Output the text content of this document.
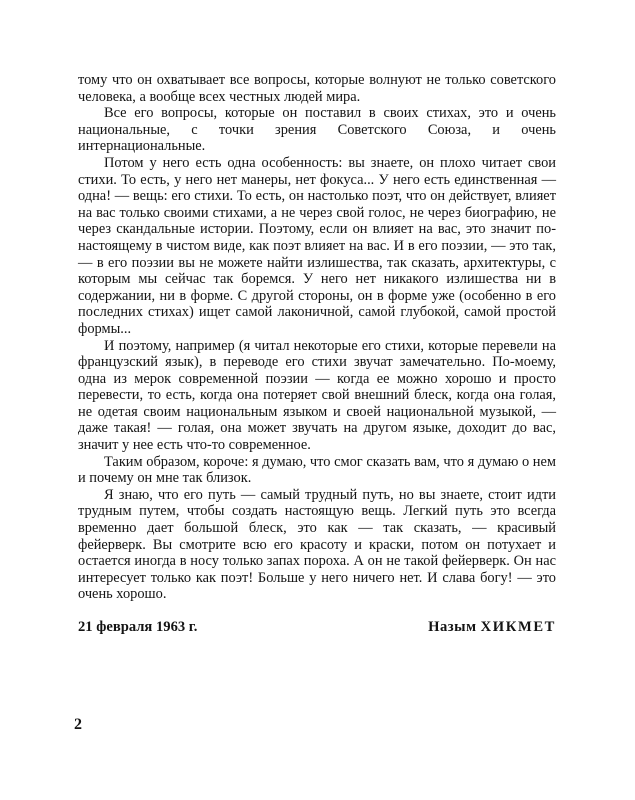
тому что он охватывает все вопросы, которые волнуют не только советского человека, а вообще всех честных людей мира.

Все его вопросы, которые он поставил в своих стихах, это и очень национальные, с точки зрения Советского Союза, и очень интернациональные.

Потом у него есть одна особенность: вы знаете, он плохо читает свои стихи. То есть, у него нет манеры, нет фокуса... У него есть единственная — одна! — вещь: его стихи. То есть, он настолько поэт, что он действует, влияет на вас только своими стихами, а не через свой голос, не через биографию, не через скандальные истории. Поэтому, если он влияет на вас, это значит по-настоящему в чистом виде, как поэт влияет на вас. И в его поэзии, — это так, — в его поэзии вы не можете найти излишества, так сказать, архитектуры, с которым мы сейчас так боремся. У него нет никакого излишества ни в содержании, ни в форме. С другой стороны, он в форме уже (особенно в его последних стихах) ищет самой лаконичной, самой глубокой, самой простой формы...

И поэтому, например (я читал некоторые его стихи, которые перевели на французский язык), в переводе его стихи звучат замечательно. По-моему, одна из мерок современной поэзии — когда ее можно хорошо и просто перевести, то есть, когда она потеряет свой внешний блеск, когда она голая, не одетая своим национальным языком и своей национальной музыкой, — даже такая! — голая, она может звучать на другом языке, доходит до вас, значит у нее есть что-то современное.

Таким образом, короче: я думаю, что смог сказать вам, что я думаю о нем и почему он мне так близок.

Я знаю, что его путь — самый трудный путь, но вы знаете, стоит идти трудным путем, чтобы создать настоящую вещь. Легкий путь это всегда временно дает большой блеск, это как — так сказать, — красивый фейерверк. Вы смотрите всю его красоту и краски, потом он потухает и остается иногда в носу только запах пороха. А он не такой фейерверк. Он нас интересует только как поэт! Больше у него ничего нет. И слава богу! — это очень хорошо.

21 февраля 1963 г.	Назым ХИКМЕТ
2
